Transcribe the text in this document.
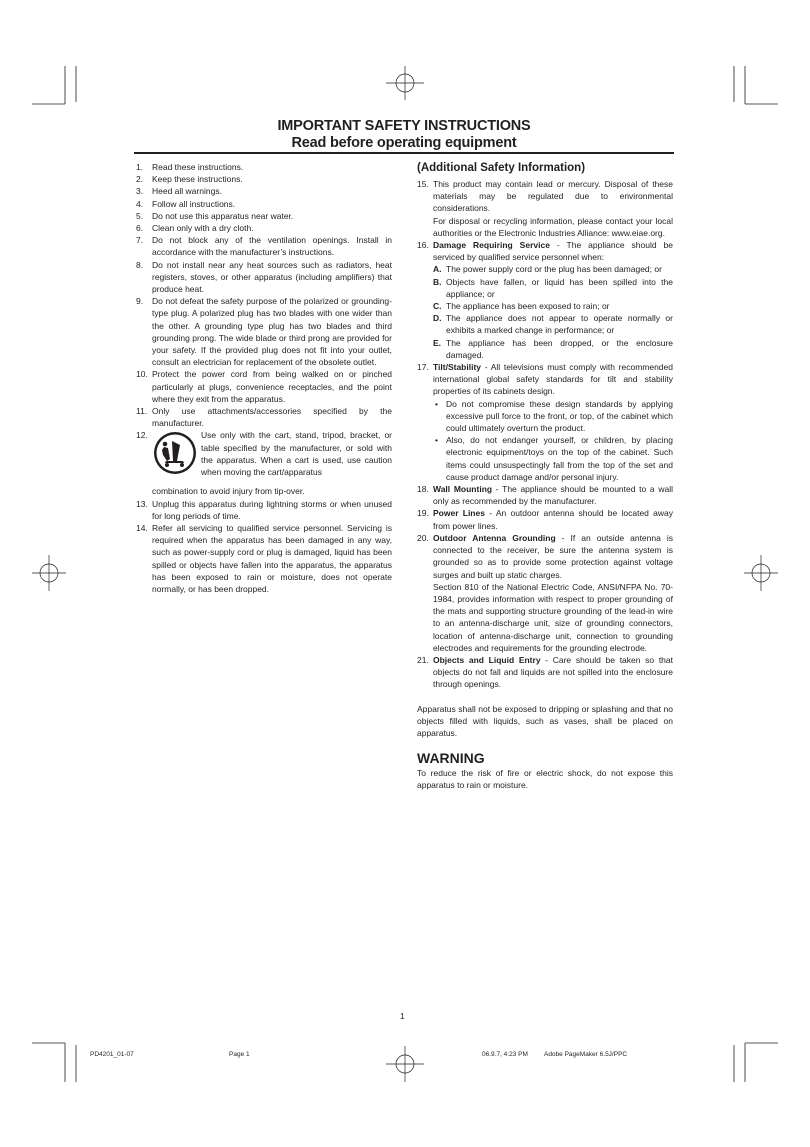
IMPORTANT SAFETY INSTRUCTIONS
Read before operating equipment
1. Read these instructions.

2. Keep these instructions.

3. Heed all warnings.

4. Follow all instructions.

5. Do not use this apparatus near water.

6. Clean only with a dry cloth.

7. Do not block any of the ventilation openings. Install in accordance with the manufacturer’s instructions.

8. Do not install near any heat sources such as radiators, heat registers, stoves, or other apparatus (including amplifiers) that produce heat.

9. Do not defeat the safety purpose of the polarized or grounding-type plug. A polarized plug has two blades with one wider than the other. A grounding type plug has two blades and third grounding prong. The wide blade or third prong are provided for your safety. If the provided plug does not fit into your outlet, consult an electrician for replacement of the obsolete outlet.

10. Protect the power cord from being walked on or pinched particularly at plugs, convenience receptacles, and the point where they exit from the apparatus.

11. Only use attachments/accessories specified by the manufacturer.

12.	Use only with the cart, stand, tripod, bracket, or table specified by the manufacturer, or sold with the apparatus. When a cart is used, use caution when moving the cart/apparatus

combination to avoid injury from tip-over.

13. Unplug this apparatus during lightning storms or when unused for long periods of time.

14. Refer all servicing to qualified service personnel. Servicing is required when the apparatus has been damaged in any way, such as power-supply cord or plug is damaged, liquid has been spilled or objects have fallen into the apparatus, the apparatus has been exposed to rain or moisture, does not operate normally, or has been dropped.

(Additional Safety Information)

15. This product may contain lead or mercury. Disposal of these materials may be regulated due to environmental considerations.

For disposal or recycling information, please contact your local authorities or the Electronic Industries Alliance: www.eiae.org.

16. Damage Requiring Service - The appliance should be serviced by qualified service personnel when:

A. The power supply cord or the plug has been damaged; or

B. Objects have fallen, or liquid has been spilled into the appliance; or

C. The appliance has been exposed to rain; or

D. The appliance does not appear to operate normally or exhibits a marked change in performance; or

E. The appliance has been dropped, or the enclosure damaged.

17. Tilt/Stability - All televisions must comply with recommended international global safety standards for tilt and stability properties of its cabinets design.

• Do not compromise these design standards by applying excessive pull force to the front, or top, of the cabinet which could ultimately overturn the product.

• Also, do not endanger yourself, or children, by placing electronic equipment/toys on the top of the cabinet. Such items could unsuspectingly fall from the top of the set and cause product damage and/or personal injury.

18. Wall Mounting - The appliance should be mounted to a wall only as recommended by the manufacturer.

19. Power Lines - An outdoor antenna should be located away from power lines.

20. Outdoor Antenna Grounding - If an outside antenna is connected to the receiver, be sure the antenna system is grounded so as to provide some protection against voltage surges and built up static charges.

Section 810 of the National Electric Code, ANSI/NFPA No. 70- 1984, provides information with respect to proper grounding of the mats and supporting structure grounding of the lead-in wire to an antenna-discharge unit, size of grounding connectors, location of antenna-discharge unit, connection to grounding electrodes and requirements for the grounding electrode.

21. Objects and Liquid Entry - Care should be taken so that objects do not fall and liquids are not spilled into the enclosure through openings.

Apparatus shall not be exposed to dripping or splashing and that no objects filled with liquids, such as vases, shall be placed on apparatus.

WARNING

To reduce the risk of fire or electric shock, do not expose this apparatus to rain or moisture.

1
PD4201_01-07	Page 1	06.9.7, 4:23 PM Adobe PageMaker 6.5J/PPC
